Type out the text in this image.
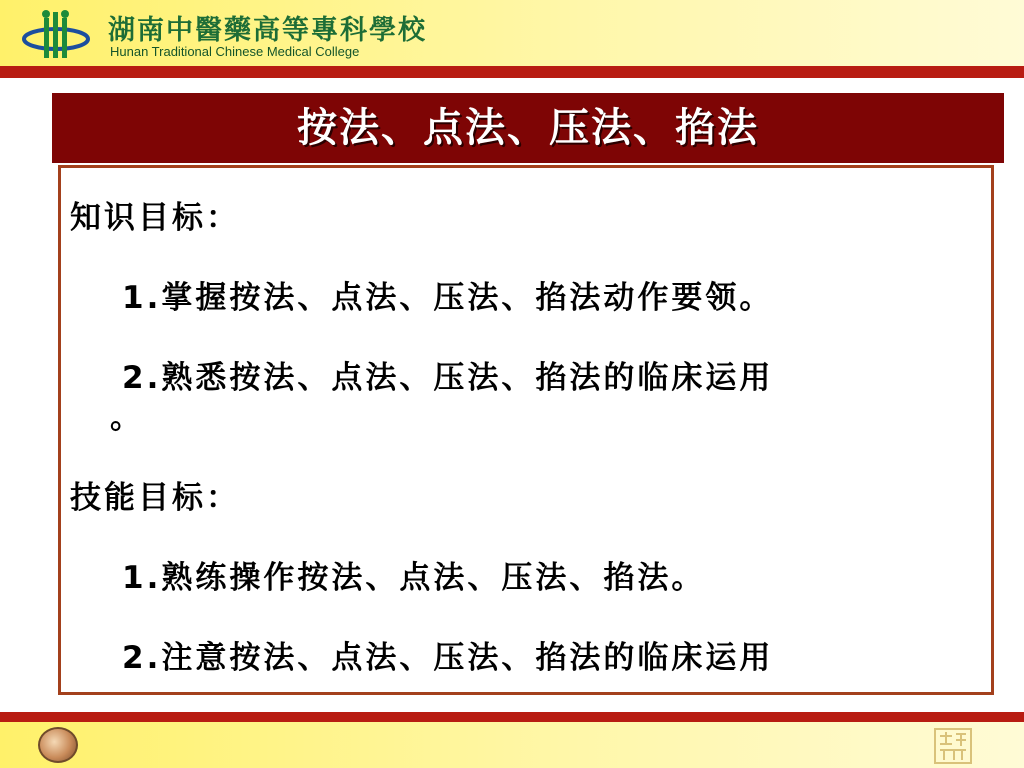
湖南中醫藥高等專科學校

Hunan Traditional Chinese Medical College

按法、点法、压法、掐法

知识目标：

1.掌握按法、点法、压法、掐法动作要领。

2.熟悉按法、点法、压法、掐法的临床运用

。

技能目标：

1.熟练操作按法、点法、压法、掐法。

2.注意按法、点法、压法、掐法的临床运用
